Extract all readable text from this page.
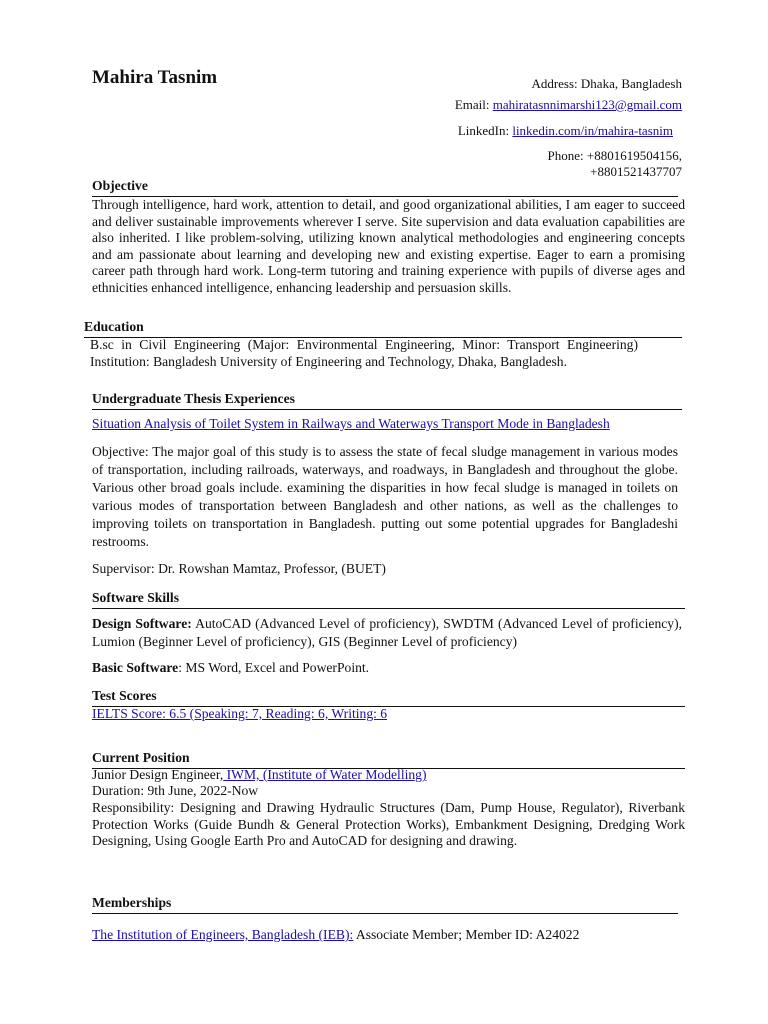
Mahira Tasnim	Address: Dhaka, Bangladesh
Email: mahiratasnnimarshi123@gmail.com
LinkedIn: linkedin.com/in/mahira-tasnim
Phone: +8801619504156,
+8801521437707
Objective
Through intelligence, hard work, attention to detail, and good organizational abilities, I am eager to succeed and deliver sustainable improvements wherever I serve. Site supervision and data evaluation capabilities are also inherited. I like problem-solving, utilizing known analytical methodologies and engineering concepts and am passionate about learning and developing new and existing expertise. Eager to earn a promising career path through hard work. Long-term tutoring and training experience with pupils of diverse ages and ethnicities enhanced intelligence, enhancing leadership and persuasion skills.
Education
B.sc in Civil Engineering (Major: Environmental Engineering, Minor: Transport Engineering) Institution: Bangladesh University of Engineering and Technology, Dhaka, Bangladesh.
Undergraduate Thesis Experiences
Situation Analysis of Toilet System in Railways and Waterways Transport Mode in Bangladesh
Objective: The major goal of this study is to assess the state of fecal sludge management in various modes of transportation, including railroads, waterways, and roadways, in Bangladesh and throughout the globe. Various other broad goals include. examining the disparities in how fecal sludge is managed in toilets on various modes of transportation between Bangladesh and other nations, as well as the challenges to improving toilets on transportation in Bangladesh. putting out some potential upgrades for Bangladeshi restrooms.
Supervisor: Dr. Rowshan Mamtaz, Professor, (BUET)
Software Skills
Design Software: AutoCAD (Advanced Level of proficiency), SWDTM (Advanced Level of proficiency), Lumion (Beginner Level of proficiency), GIS (Beginner Level of proficiency)
Basic Software: MS Word, Excel and PowerPoint.
Test Scores
IELTS Score: 6.5 (Speaking: 7, Reading: 6, Writing: 6
Current Position
Junior Design Engineer, IWM, (Institute of Water Modelling)
Duration: 9th June, 2022-Now
Responsibility: Designing and Drawing Hydraulic Structures (Dam, Pump House, Regulator), Riverbank Protection Works (Guide Bundh & General Protection Works), Embankment Designing, Dredging Work Designing, Using Google Earth Pro and AutoCAD for designing and drawing.
Memberships
The Institution of Engineers, Bangladesh (IEB): Associate Member; Member ID: A24022
